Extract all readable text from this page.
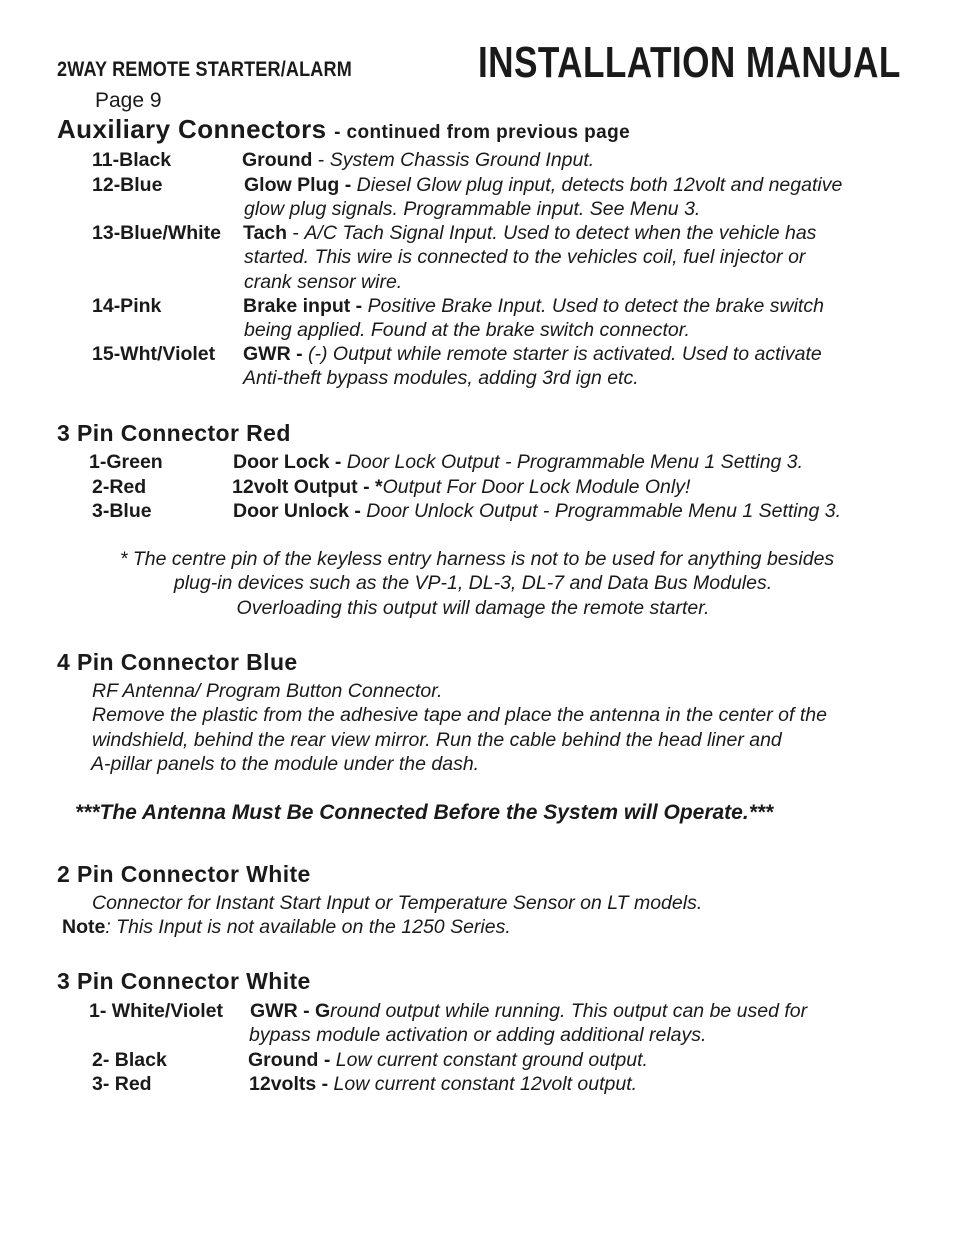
2WAY REMOTE STARTER/ALARM	INSTALLATION MANUAL
Page 9
Auxiliary Connectors - continued from previous page
11-Black	Ground - System Chassis Ground Input.
12-Blue	Glow Plug - Diesel Glow plug input, detects both 12volt and negative
glow plug signals. Programmable input. See Menu 3.
13-Blue/White Tach - A/C Tach Signal Input. Used to detect when the vehicle has
started. This wire is connected to the vehicles coil, fuel injector or
crank sensor wire.
14-Pink	Brake input - Positive Brake Input. Used to detect the brake switch
being applied. Found at the brake switch connector.
15-Wht/Violet GWR - (-) Output while remote starter is activated. Used to activate
Anti-theft bypass modules, adding 3rd ign etc.
3 Pin Connector Red
1-Green	Door Lock - Door Lock Output - Programmable Menu 1 Setting 3.
2-Red	12volt Output - *Output For Door Lock Module Only!
3-Blue	Door Unlock - Door Unlock Output - Programmable Menu 1 Setting 3.
* The centre pin of the keyless entry harness is not to be used for anything besides
plug-in devices such as the VP-1, DL-3, DL-7 and Data Bus Modules.
Overloading this output will damage the remote starter.
4 Pin Connector Blue
RF Antenna/ Program Button Connector.
Remove the plastic from the adhesive tape and place the antenna in the center of the
windshield, behind the rear view mirror. Run the cable behind the head liner and
A-pillar panels to the module under the dash.
***The Antenna Must Be Connected Before the System will Operate.***
2 Pin Connector White
Connector for Instant Start Input or Temperature Sensor on LT models.
Note: This Input is not available on the 1250 Series.
3 Pin Connector White
1- White/Violet GWR - Ground output while running. This output can be used for
bypass module activation or adding additional relays.
2- Black	Ground - Low current constant ground output.
3- Red	12volts - Low current constant 12volt output.
